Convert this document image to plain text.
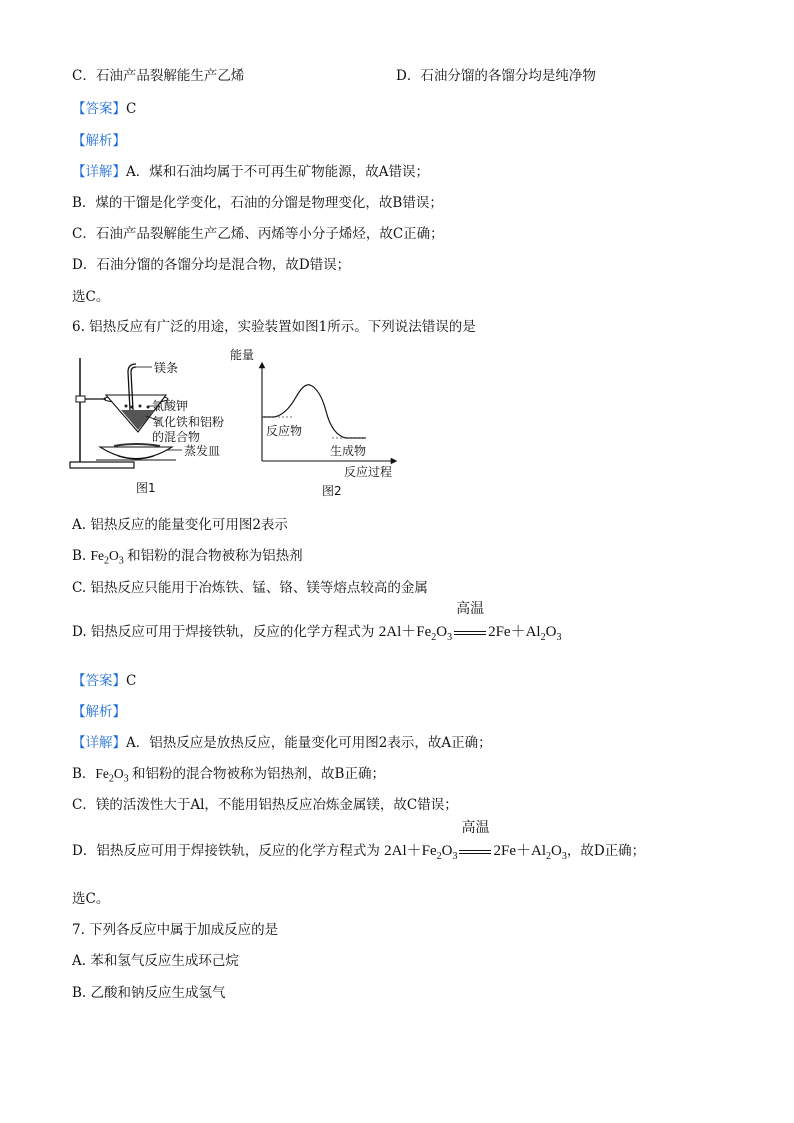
C．石油产品裂解能生产乙烯	D．石油分馏的各馏分均是纯净物
【答案】C
【解析】
【详解】A．煤和石油均属于不可再生矿物能源，故A错误；
B．煤的干馏是化学变化，石油的分馏是物理变化，故B错误；
C．石油产品裂解能生产乙烯、丙烯等小分子烯烃，故C正确；
D．石油分馏的各馏分均是混合物，故D错误；
选C。
6. 铝热反应有广泛的用途，实验装置如图1所示。下列说法错误的是
镁条
氯酸钾
氧化铁和铝粉
的混合物
蒸发皿
图1
能量
反应过程
反应物
生成物
图2
A. 铝热反应的能量变化可用图2表示
B. $Fe_2O_3$ 和铝粉的混合物被称为铝热剂
C. 铝热反应只能用于冶炼铁、锰、铬、镁等熔点较高的金属
D. 铝热反应可用于焊接铁轨，反应的化学方程式为 $2Al+Fe_2O_3$
高温
$2Fe+Al_2O_3$
【答案】C
【解析】
【详解】A．铝热反应是放热反应，能量变化可用图2表示，故A正确；
B．$Fe_2O_3$ 和铝粉的混合物被称为铝热剂，故B正确；
C．镁的活泼性大于Al，不能用铝热反应冶炼金属镁，故C错误；
D．铝热反应可用于焊接铁轨，反应的化学方程式为 $2Al+Fe_2O_3$
高温
$2Fe+Al_2O_3$，故D正确；
选C。
7. 下列各反应中属于加成反应的是
A. 苯和氢气反应生成环己烷
B. 乙酸和钠反应生成氢气
